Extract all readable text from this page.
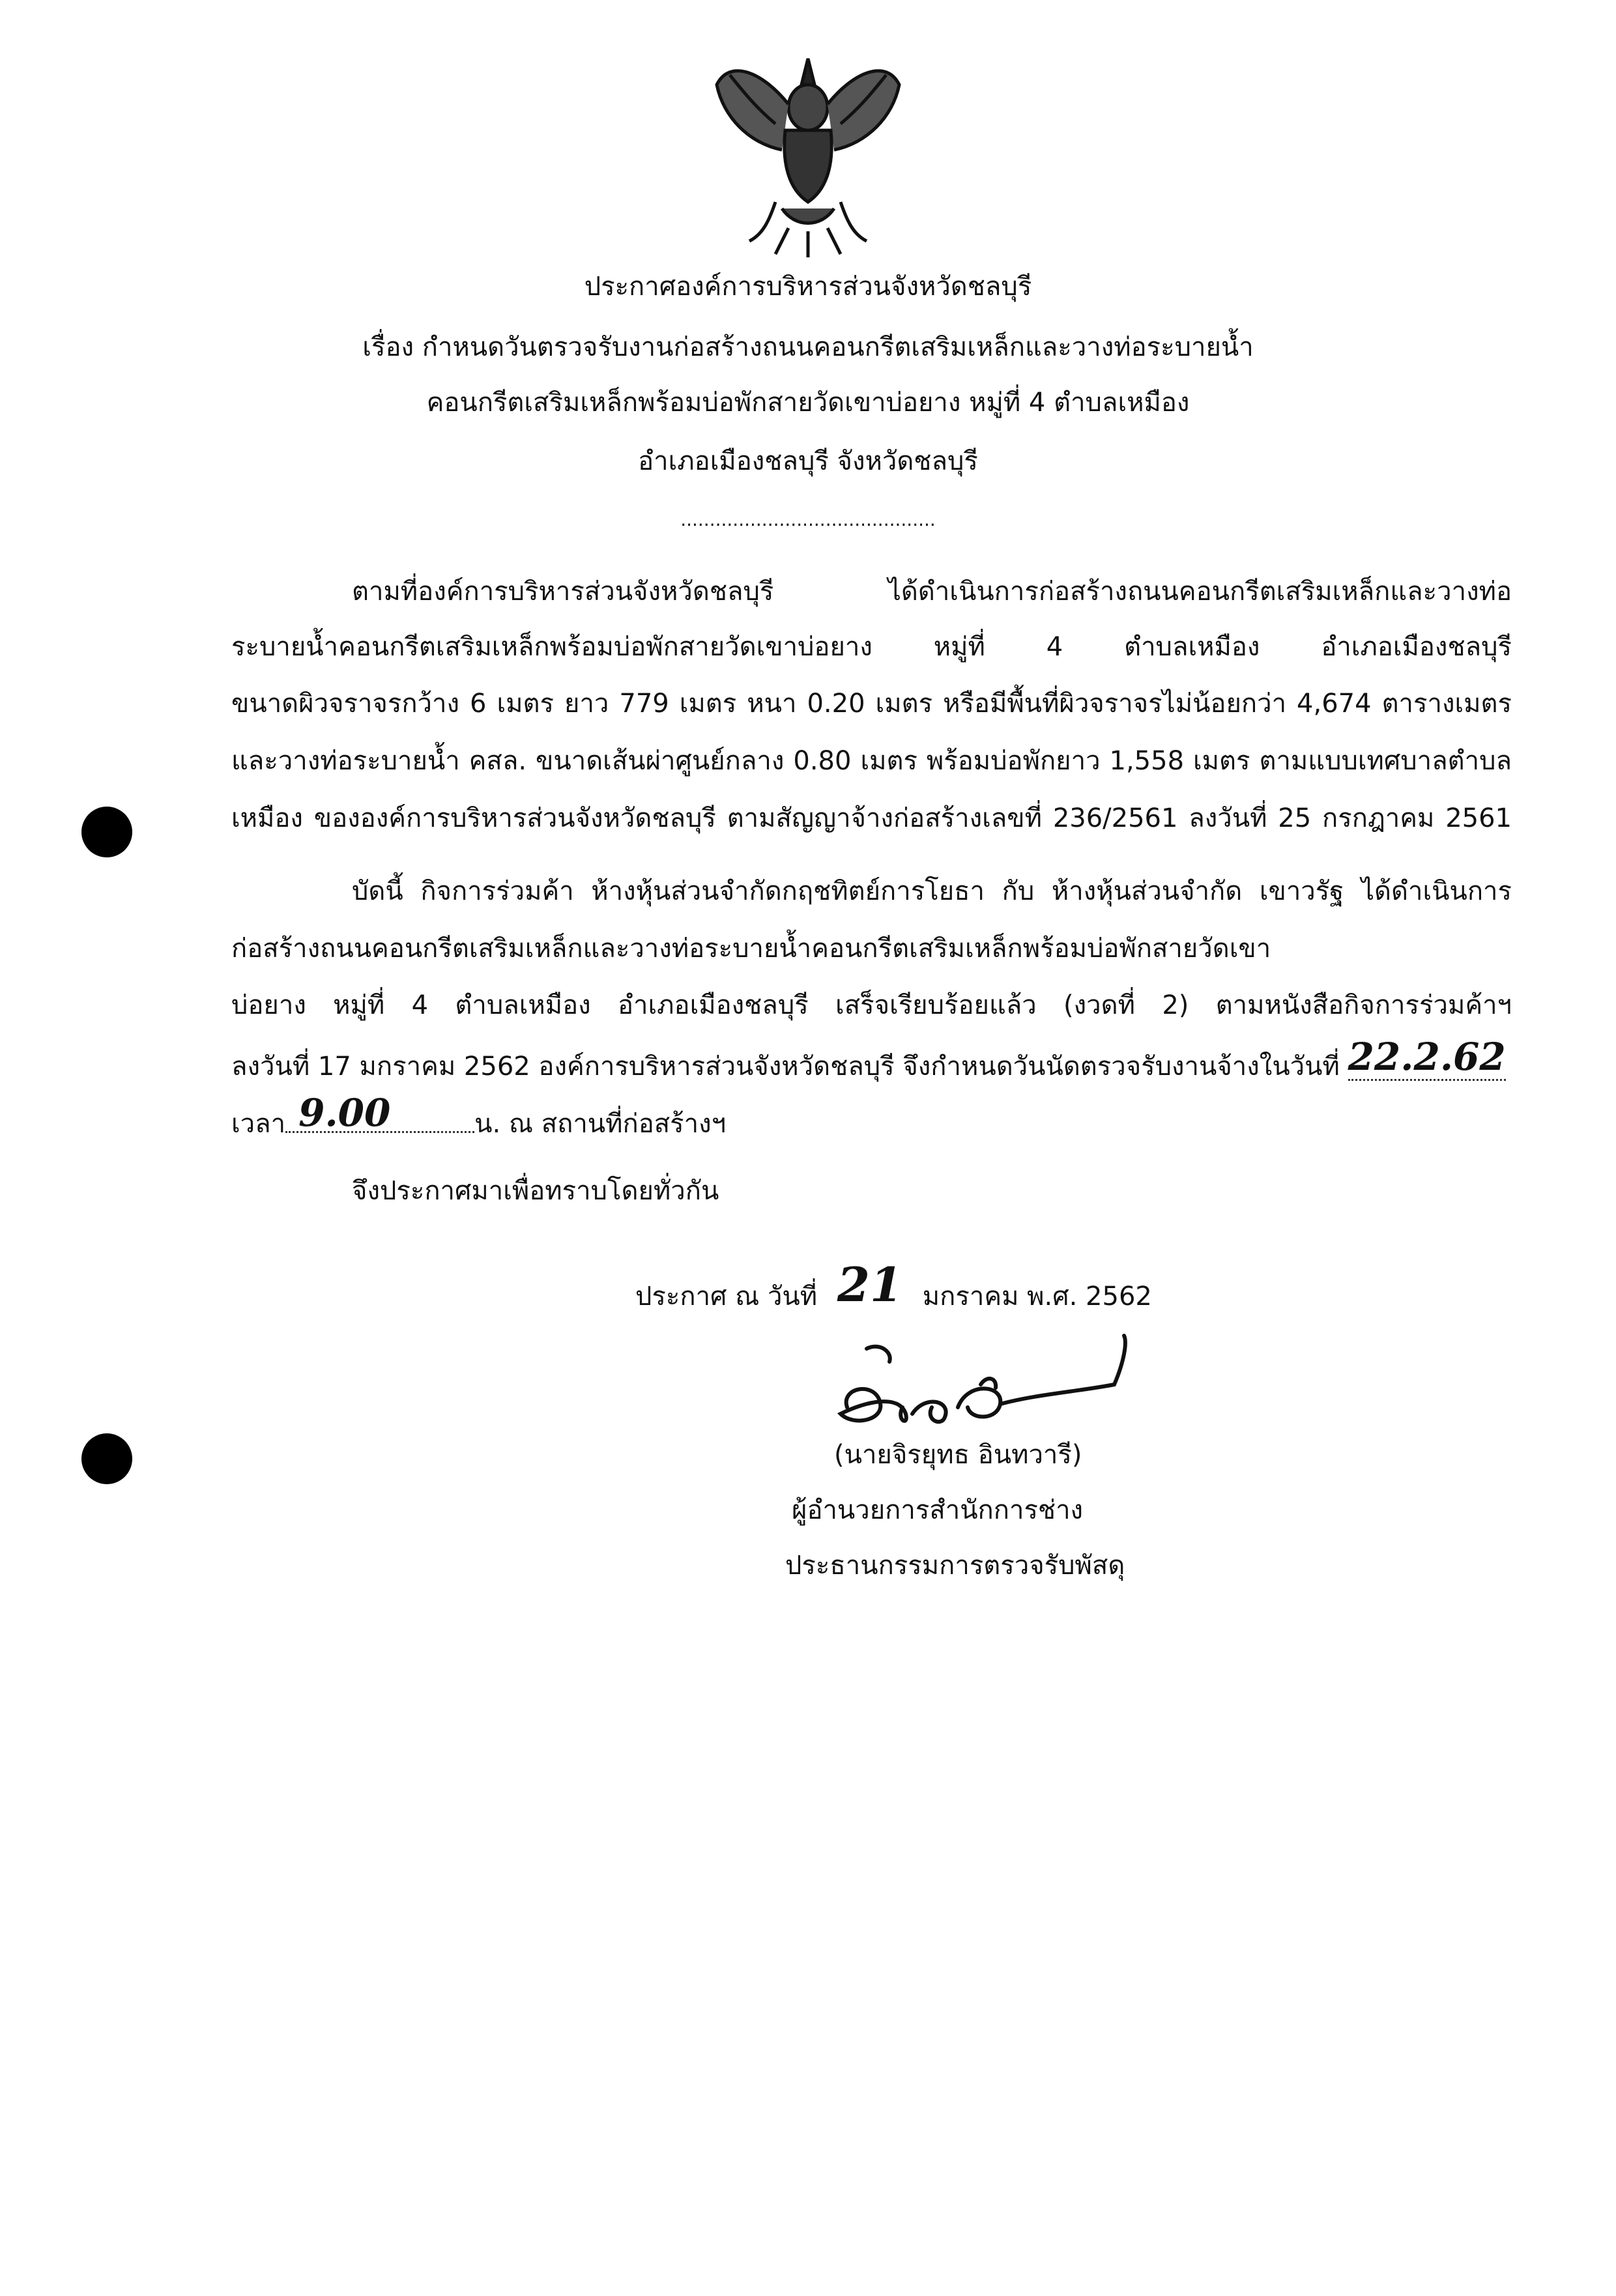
ประกาศองค์การบริหารส่วนจังหวัดชลบุรี
เรื่อง กำหนดวันตรวจรับงานก่อสร้างถนนคอนกรีตเสริมเหล็กและวางท่อระบายน้ำ
คอนกรีตเสริมเหล็กพร้อมบ่อพักสายวัดเขาบ่อยาง หมู่ที่ 4 ตำบลเหมือง
อำเภอเมืองชลบุรี จังหวัดชลบุรี
............................................
ตามที่องค์การบริหารส่วนจังหวัดชลบุรี ได้ดำเนินการก่อสร้างถนนคอนกรีตเสริมเหล็กและวางท่อ
ระบายน้ำคอนกรีตเสริมเหล็กพร้อมบ่อพักสายวัดเขาบ่อยาง หมู่ที่ 4 ตำบลเหมือง อำเภอเมืองชลบุรี
ขนาดผิวจราจรกว้าง 6 เมตร ยาว 779 เมตร หนา 0.20 เมตร หรือมีพื้นที่ผิวจราจรไม่น้อยกว่า 4,674 ตารางเมตร
และวางท่อระบายน้ำ คสล. ขนาดเส้นผ่าศูนย์กลาง 0.80 เมตร พร้อมบ่อพักยาว 1,558 เมตร ตามแบบเทศบาลตำบล
เหมือง ขององค์การบริหารส่วนจังหวัดชลบุรี ตามสัญญาจ้างก่อสร้างเลขที่ 236/2561 ลงวันที่ 25 กรกฎาคม 2561
บัดนี้ กิจการร่วมค้า ห้างหุ้นส่วนจำกัดกฤชทิตย์การโยธา กับ ห้างหุ้นส่วนจำกัด เขาวรัฐ ได้ดำเนินการ
ก่อสร้างถนนคอนกรีตเสริมเหล็กและวางท่อระบายน้ำคอนกรีตเสริมเหล็กพร้อมบ่อพักสายวัดเขา
บ่อยาง หมู่ที่ 4 ตำบลเหมือง อำเภอเมืองชลบุรี เสร็จเรียบร้อยแล้ว (งวดที่ 2) ตามหนังสือกิจการร่วมค้าฯ
ลงวันที่ 17 มกราคม 2562 องค์การบริหารส่วนจังหวัดชลบุรี จึงกำหนดวันนัดตรวจรับงานจ้างในวันที่ 22.2.62
เวลา 9.00	น. ณ สถานที่ก่อสร้างฯ
จึงประกาศมาเพื่อทราบโดยทั่วกัน
ประกาศ ณ วันที่ 21 มกราคม พ.ศ. 2562
(นายจิรยุทธ อินทวารี)
ผู้อำนวยการสำนักการช่าง
ประธานกรรมการตรวจรับพัสดุ
